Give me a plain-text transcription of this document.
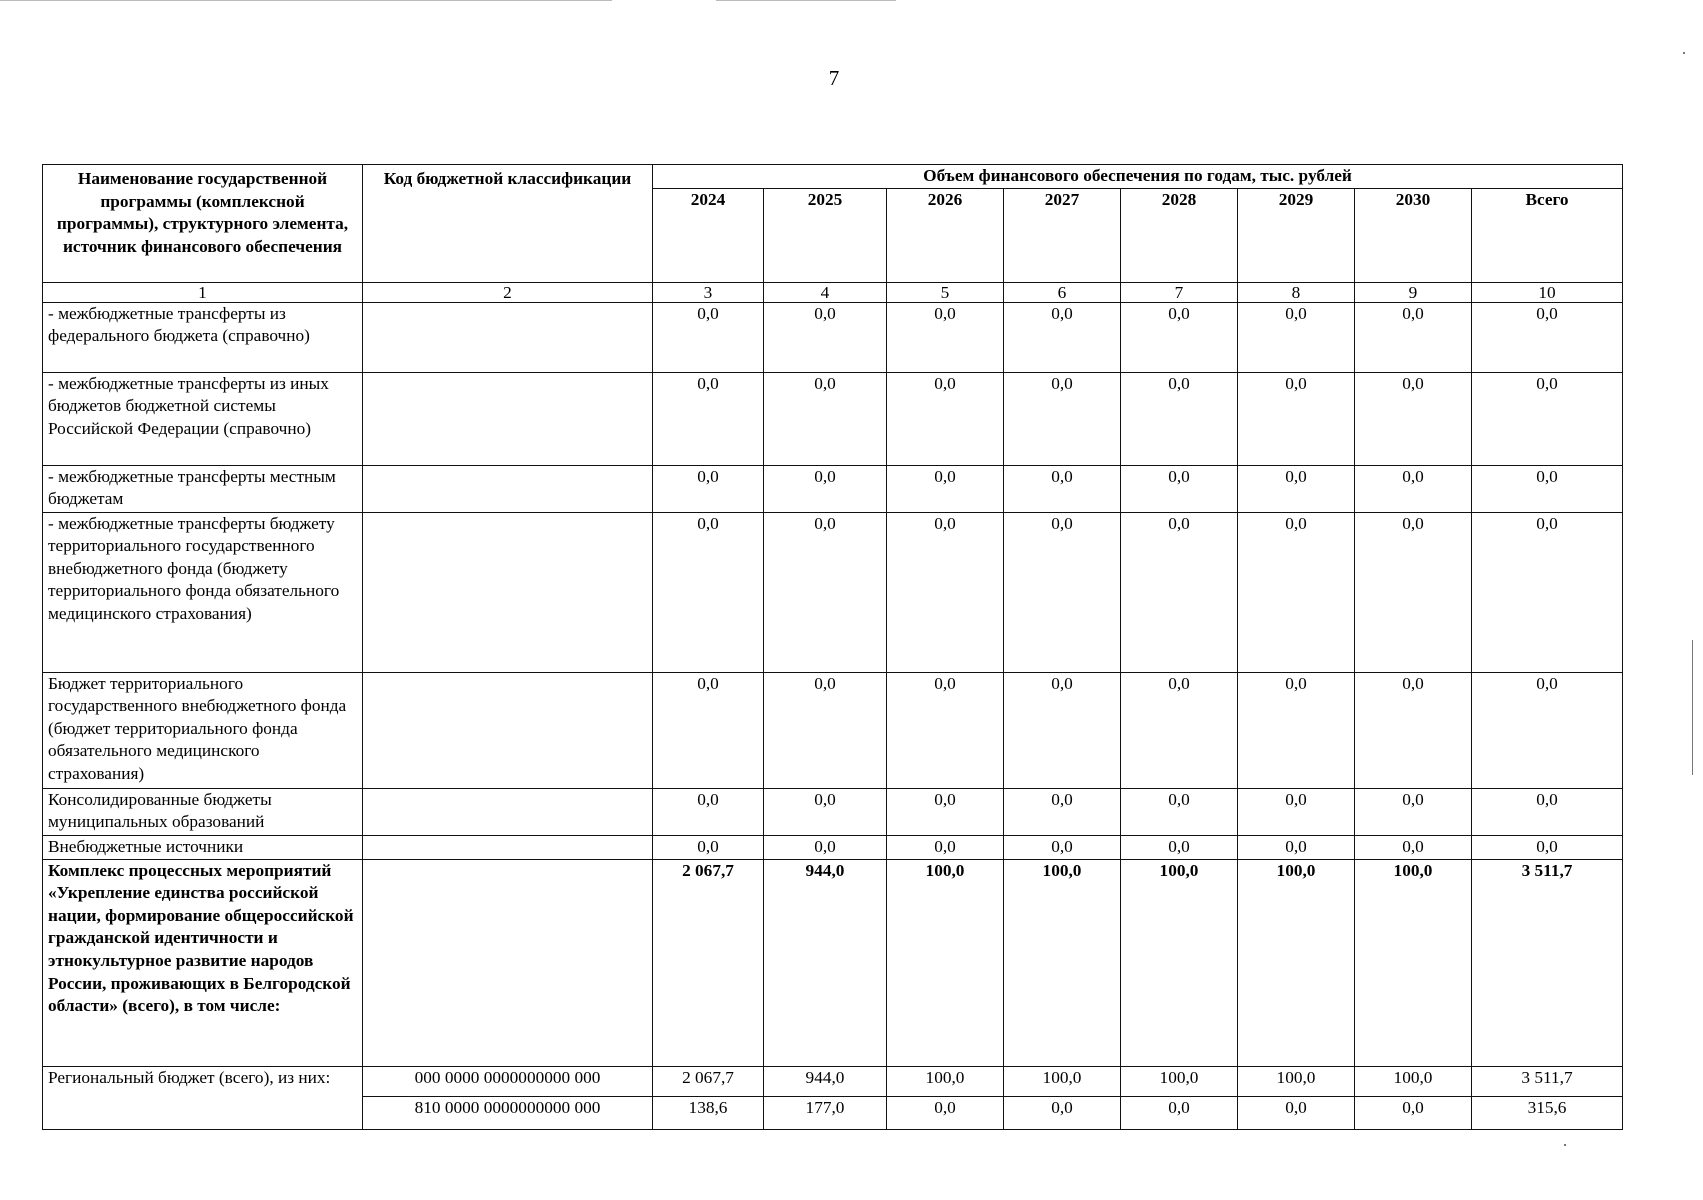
7
Наименование государственной программы (комплексной программы), структурного элемента, источник финансового обеспечения	Код бюджетной классификации	Объем финансового обеспечения по годам, тыс. рублей							
		2024	2025	2026	2027	2028	2029	2030	Всего
1	2	3	4	5	6	7	8	9	10
- межбюджетные трансферты из федерального бюджета (справочно)		0,0	0,0	0,0	0,0	0,0	0,0	0,0	0,0
- межбюджетные трансферты из иных бюджетов бюджетной системы Российской Федерации (справочно)		0,0	0,0	0,0	0,0	0,0	0,0	0,0	0,0
- межбюджетные трансферты местным бюджетам		0,0	0,0	0,0	0,0	0,0	0,0	0,0	0,0
- межбюджетные трансферты бюджету территориального государственного внебюджетного фонда (бюджету территориального фонда обязательного медицинского страхования)		0,0	0,0	0,0	0,0	0,0	0,0	0,0	0,0
Бюджет территориального государственного внебюджетного фонда (бюджет территориального фонда обязательного медицинского страхования)		0,0	0,0	0,0	0,0	0,0	0,0	0,0	0,0
Консолидированные бюджеты муниципальных образований		0,0	0,0	0,0	0,0	0,0	0,0	0,0	0,0
Внебюджетные источники		0,0	0,0	0,0	0,0	0,0	0,0	0,0	0,0
Комплекс процессных мероприятий «Укрепление единства российской нации, формирование общероссийской гражданской идентичности и этнокультурное развитие народов России, проживающих в Белгородской области» (всего), в том числе:		2 067,7	944,0	100,0	100,0	100,0	100,0	100,0	3 511,7
Региональный бюджет (всего), из них:	000 0000 0000000000 000	2 067,7	944,0	100,0	100,0	100,0	100,0	100,0	3 511,7
	810 0000 0000000000 000	138,6	177,0	0,0	0,0	0,0	0,0	0,0	315,6
